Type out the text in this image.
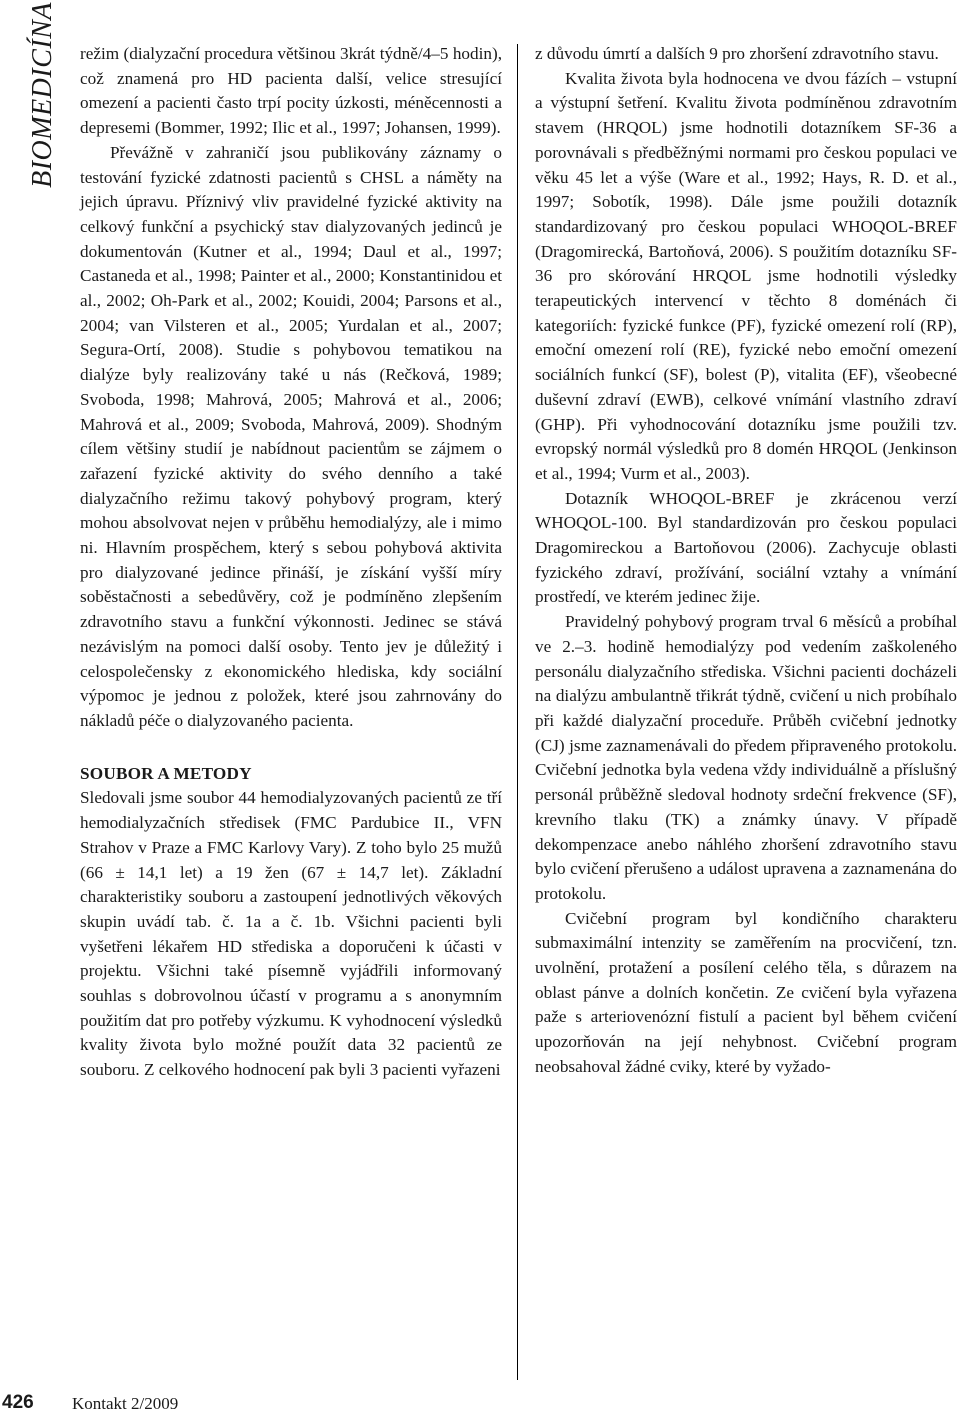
BIOMEDICÍNA režim (dialyzační procedura většinou 3krát týdně/4–5 hodin), což znamená pro HD pacienta další, velice stresující omezení a pacienti často trpí pocity úzkosti, méněcennosti a depresemi (Bommer, 1992; Ilic et al., 1997; Johansen, 1999).

Převážně v zahraničí jsou publikovány záznamy o testování fyzické zdatnosti pacientů s CHSL a náměty na jejich úpravu. Příznivý vliv pravidelné fyzické aktivity na celkový funkční a psychický stav dialyzovaných jedinců je dokumentován (Kutner et al., 1994; Daul et al., 1997; Castaneda et al., 1998; Painter et al., 2000; Konstantinidou et al., 2002; Oh-Park et al., 2002; Kouidi, 2004; Parsons et al., 2004; van Vilsteren et al., 2005; Yurdalan et al., 2007; Segura-Ortí, 2008). Studie s pohybovou tematikou na dialýze byly realizovány také u nás (Rečková, 1989; Svoboda, 1998; Mahrová, 2005; Mahrová et al., 2006; Mahrová et al., 2009; Svoboda, Mahrová, 2009). Shodným cílem většiny studií je nabídnout pacientům se zájmem o zařazení fyzické aktivity do svého denního a také dialyzačního režimu takový pohybový program, který mohou absolvovat nejen v průběhu hemodialýzy, ale i mimo ni. Hlavním prospěchem, který s sebou pohybová aktivita pro dialyzované jedince přináší, je získání vyšší míry soběstačnosti a sebedůvěry, což je podmíněno zlepšením zdravotního stavu a funkční výkonnosti. Jedinec se stává nezávislým na pomoci další osoby. Tento jev je důležitý i celospolečensky z ekonomického hlediska, kdy sociální výpomoc je jednou z položek, které jsou zahrnovány do nákladů péče o dialyzovaného pacienta.

SOUBOR A METODY

Sledovali jsme soubor 44 hemodialyzovaných pacientů ze tří hemodialyzačních středisek (FMC Pardubice II., VFN Strahov v Praze a FMC Karlovy Vary). Z toho bylo 25 mužů (66 ± 14,1 let) a 19 žen (67 ± 14,7 let). Základní charakteristiky souboru a zastoupení jednotlivých věkových skupin uvádí tab. č. 1a a č. 1b. Všichni pacienti byli vyšetřeni lékařem HD střediska a doporučeni k účasti v projektu. Všichni také písemně vyjádřili informovaný souhlas s dobrovolnou účastí v programu a s anonymním použitím dat pro potřeby výzkumu. K vyhodnocení výsledků kvality života bylo možné použít data 32 pacientů ze souboru. Z celkového hodnocení pak byli 3 pacienti vyřazeni

z důvodu úmrtí a dalších 9 pro zhoršení zdravotního stavu.

Kvalita života byla hodnocena ve dvou fázích – vstupní a výstupní šetření. Kvalitu života podmíněnou zdravotním stavem (HRQOL) jsme hodnotili dotazníkem SF-36 a porovnávali s předběžnými normami pro českou populaci ve věku 45 let a výše (Ware et al., 1992; Hays, R. D. et al., 1997; Sobotík, 1998). Dále jsme použili dotazník standardizovaný pro českou populaci WHOQOL-BREF (Dragomirecká, Bartoňová, 2006). S použitím dotazníku SF-36 pro skórování HRQOL jsme hodnotili výsledky terapeutických intervencí v těchto 8 doménách či kategoriích: fyzické funkce (PF), fyzické omezení rolí (RP), emoční omezení rolí (RE), fyzické nebo emoční omezení sociálních funkcí (SF), bolest (P), vitalita (EF), všeobecné duševní zdraví (EWB), celkové vnímání vlastního zdraví (GHP). Při vyhodnocování dotazníku jsme použili tzv. evropský normál výsledků pro 8 domén HRQOL (Jenkinson et al., 1994; Vurm et al., 2003).

Dotazník WHOQOL-BREF je zkrácenou verzí WHOQOL-100. Byl standardizován pro českou populaci Dragomireckou a Bartoňovou (2006). Zachycuje oblasti fyzického zdraví, prožívání, sociální vztahy a vnímání prostředí, ve kterém jedinec žije.

Pravidelný pohybový program trval 6 měsíců a probíhal ve 2.–3. hodině hemodialýzy pod vedením zaškoleného personálu dialyzačního střediska. Všichni pacienti docházeli na dialýzu ambulantně třikrát týdně, cvičení u nich probíhalo při každé dialyzační proceduře. Průběh cvičební jednotky (CJ) jsme zaznamenávali do předem připraveného protokolu. Cvičební jednotka byla vedena vždy individuálně a příslušný personál průběžně sledoval hodnoty srdeční frekvence (SF), krevního tlaku (TK) a známky únavy. V případě dekompenzace anebo náhlého zhoršení zdravotního stavu bylo cvičení přerušeno a událost upravena a zaznamenána do protokolu.

Cvičební program byl kondičního charakteru submaximální intenzity se zaměřením na procvičení, tzn. uvolnění, protažení a posílení celého těla, s důrazem na oblast pánve a dolních končetin. Ze cvičení byla vyřazena paže s arteriovenózní fistulí a pacient byl během cvičení upozorňován na její nehybnost. Cvičební program neobsahoval žádné cviky, které by vyžado-

426 Kontakt 2/2009
